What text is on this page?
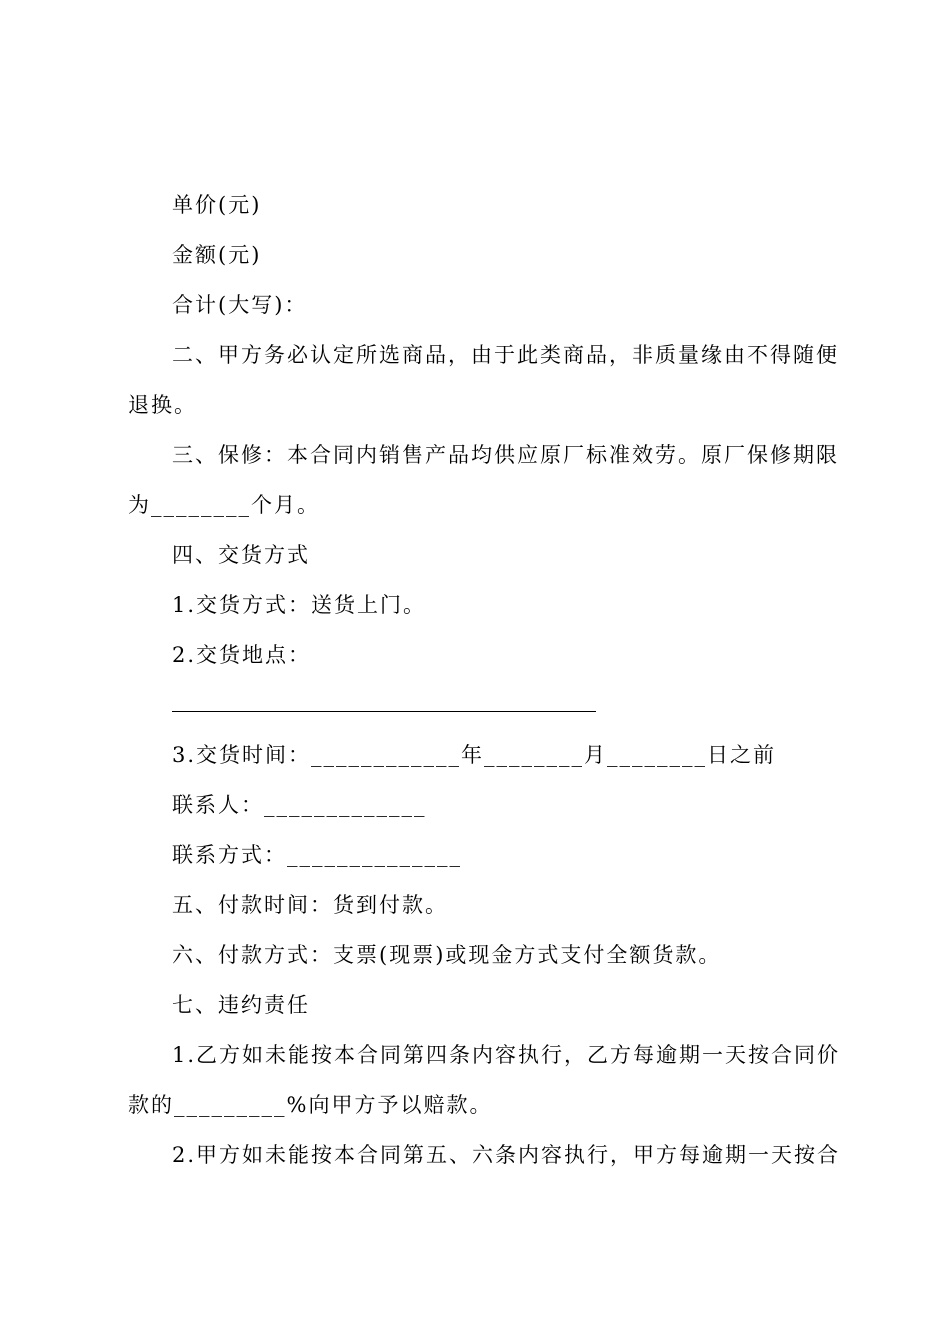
单价(元)
金额(元)
合计(大写)：
二、甲方务必认定所选商品，由于此类商品，非质量缘由不得随便
退换。
三、保修：本合同内销售产品均供应原厂标准效劳。原厂保修期限
为________个月。
四、交货方式
1.交货方式：送货上门。
2.交货地点：
3.交货时间：____________年________月________日之前
联系人：_____________
联系方式：______________
五、付款时间：货到付款。
六、付款方式：支票(现票)或现金方式支付全额货款。
七、违约责任
1.乙方如未能按本合同第四条内容执行，乙方每逾期一天按合同价
款的_________%向甲方予以赔款。
2.甲方如未能按本合同第五、六条内容执行，甲方每逾期一天按合
